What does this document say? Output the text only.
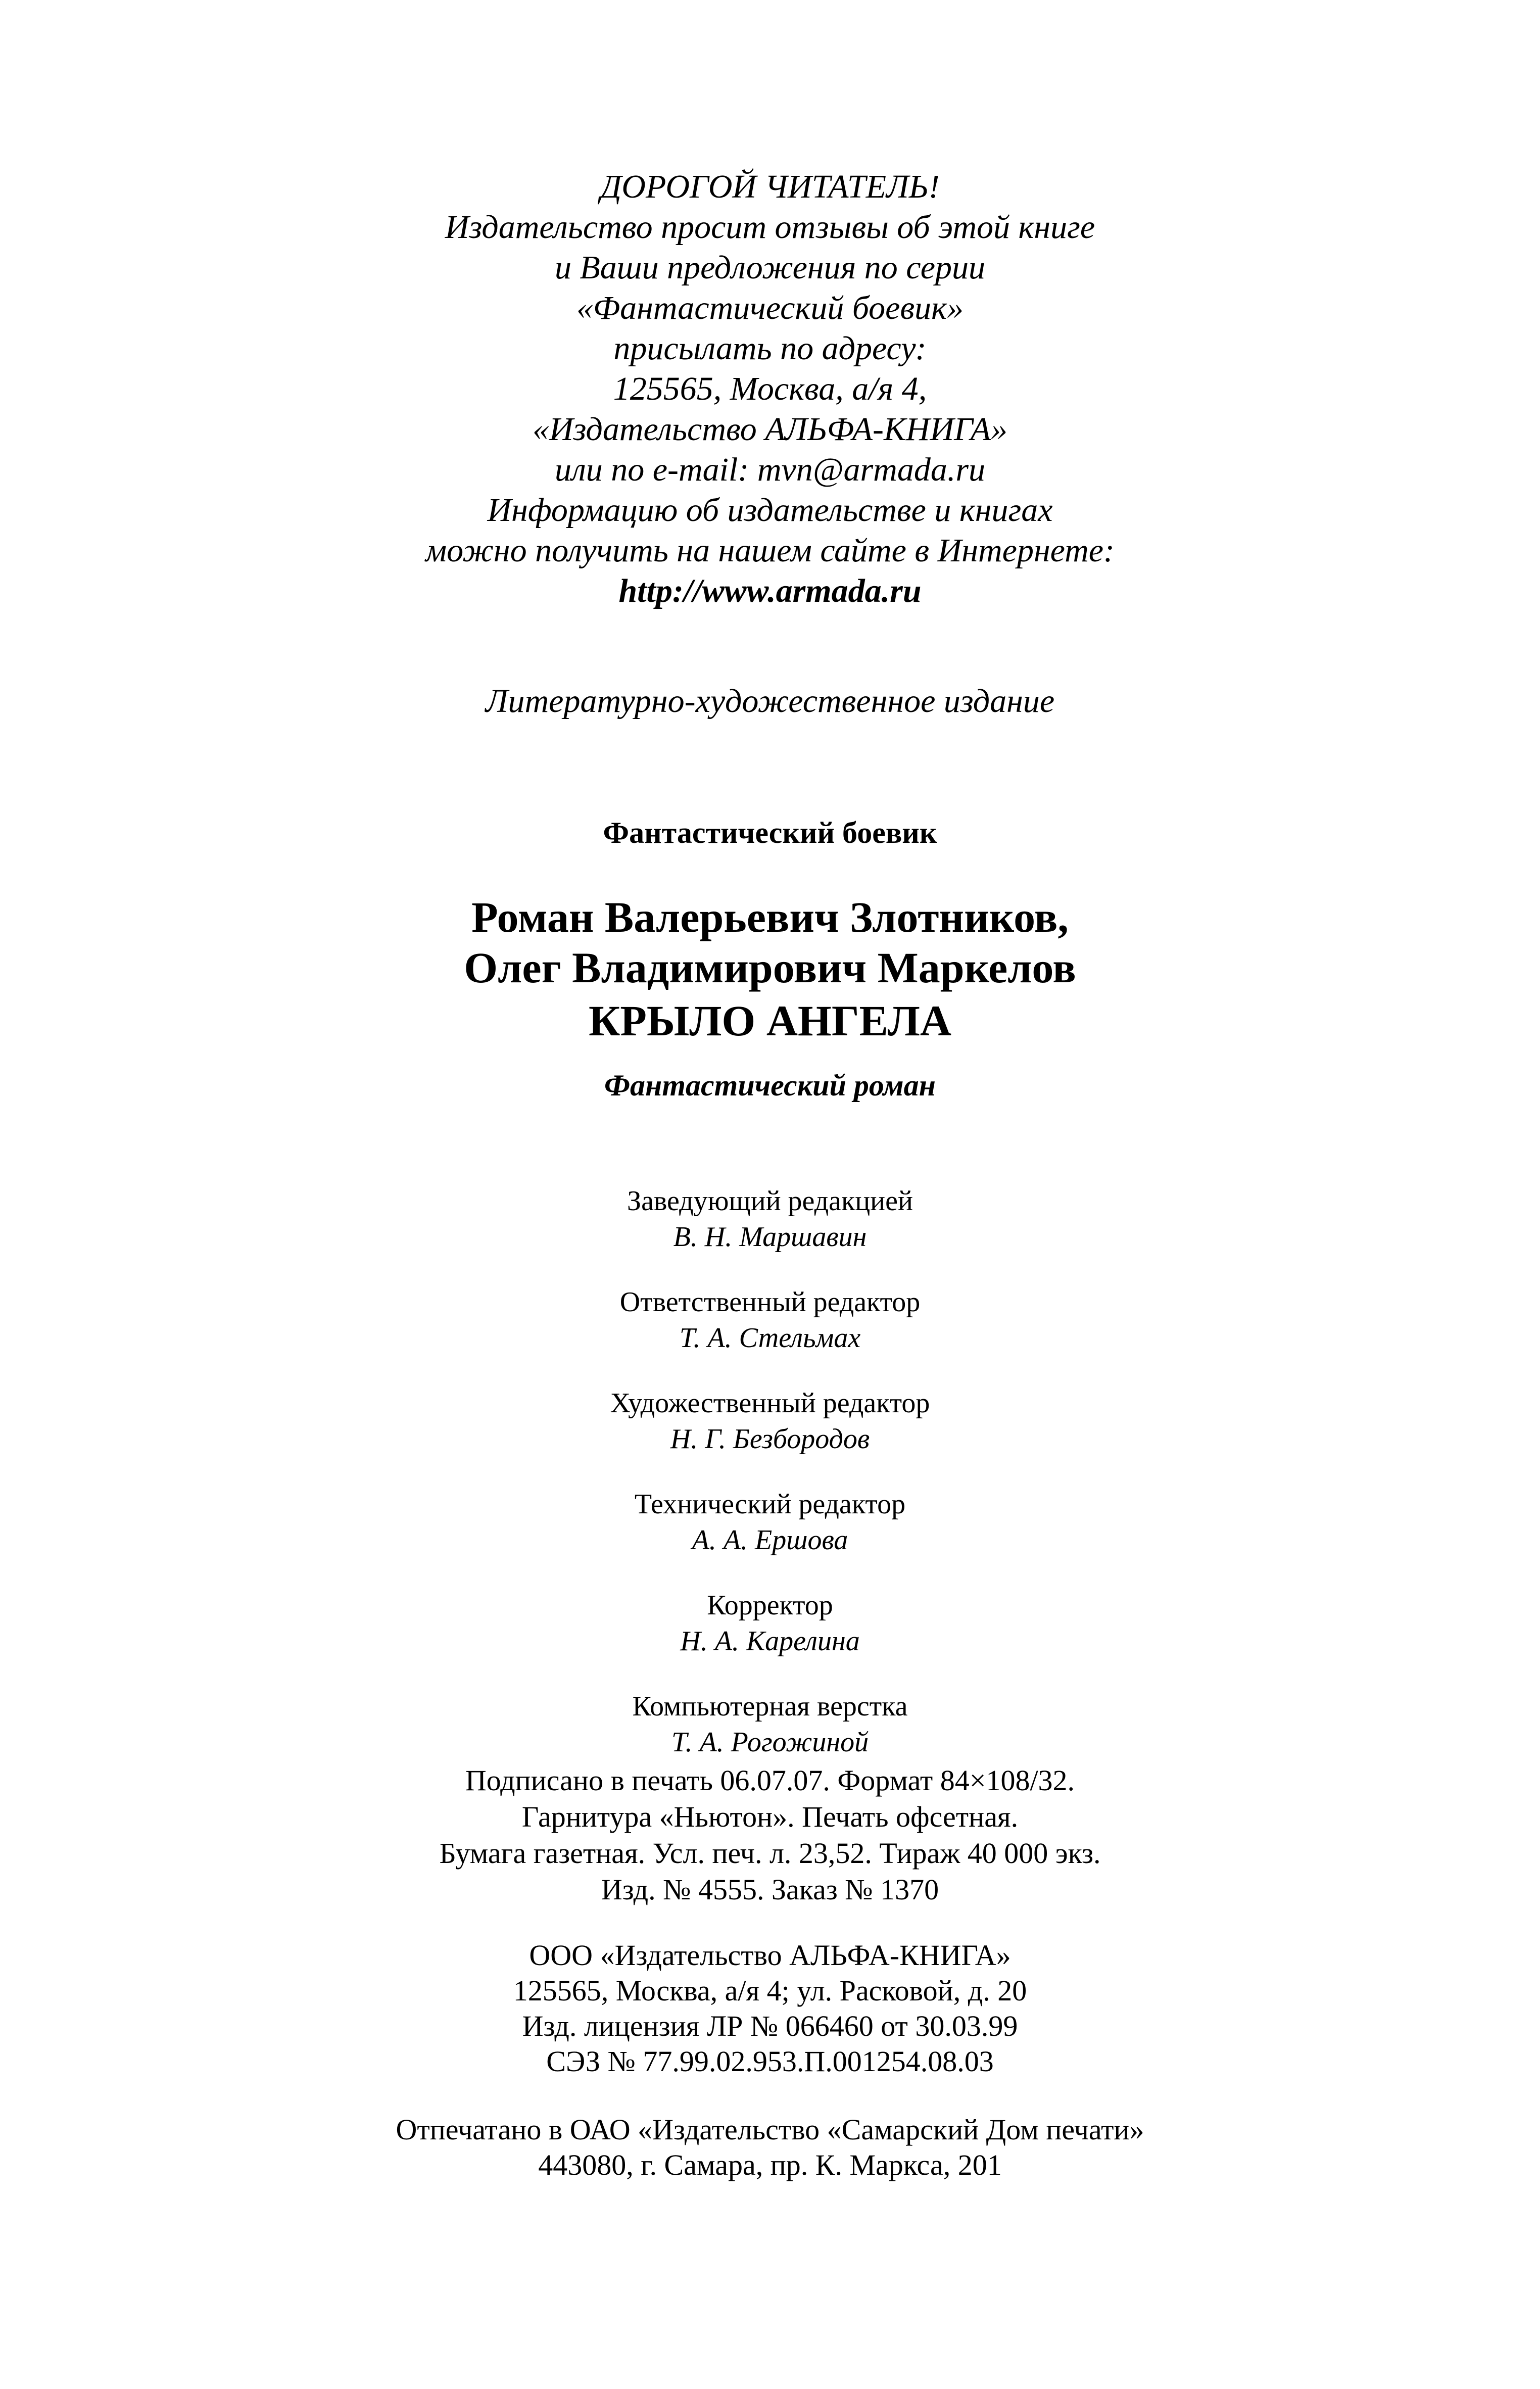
ДОРОГОЙ ЧИТАТЕЛЬ!
Издательство просит отзывы об этой книге
и Ваши предложения по серии
«Фантастический боевик»
присылать по адресу:
125565, Москва, а/я 4,
«Издательство АЛЬФА-КНИГА»
или по e-mail: mvn@armada.ru
Информацию об издательстве и книгах
можно получить на нашем сайте в Интернете:
http://www.armada.ru
Литературно-художественное издание
Фантастический боевик
Роман Валерьевич Злотников,
Олег Владимирович Маркелов
КРЫЛО АНГЕЛА
Фантастический роман
Заведующий редакцией
В. Н. Маршавин
Ответственный редактор
Т. А. Стельмах
Художественный редактор
Н. Г. Безбородов
Технический редактор
А. А. Ершова
Корректор
Н. А. Карелина
Компьютерная верстка
Т. А. Рогожиной
Подписано в печать 06.07.07. Формат 84×108/32.
Гарнитура «Ньютон». Печать офсетная.
Бумага газетная. Усл. печ. л. 23,52. Тираж 40 000 экз.
Изд. № 4555. Заказ № 1370
ООО «Издательство АЛЬФА-КНИГА»
125565, Москва, а/я 4; ул. Расковой, д. 20
Изд. лицензия ЛР № 066460 от 30.03.99
СЭЗ № 77.99.02.953.П.001254.08.03
Отпечатано в ОАО «Издательство «Самарский Дом печати»
443080, г. Самара, пр. К. Маркса, 201
